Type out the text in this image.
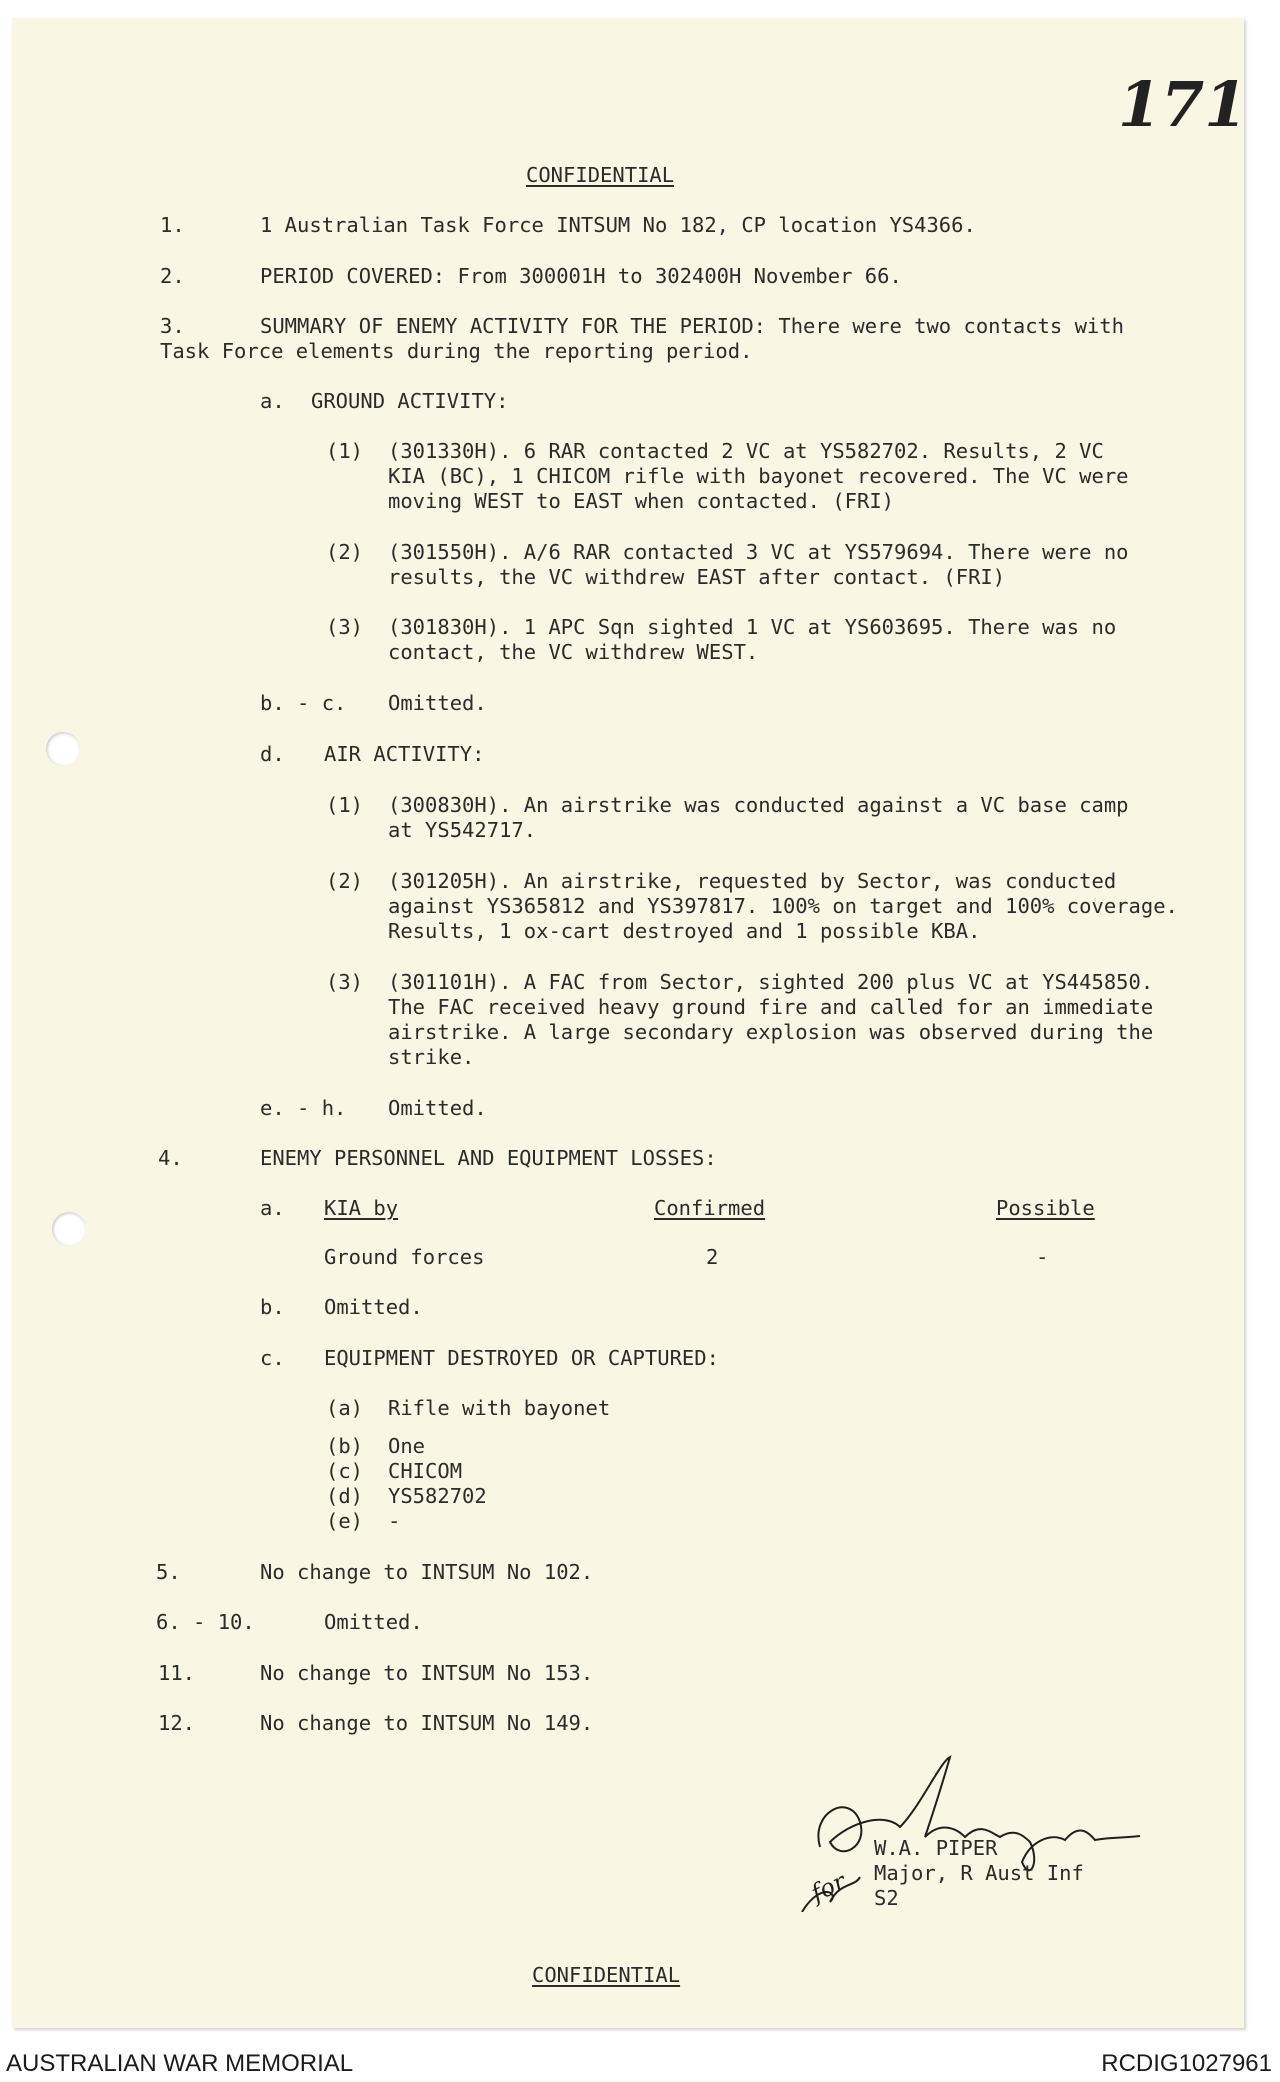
171
CONFIDENTIAL
1.	1 Australian Task Force INTSUM No 182, CP location YS4366.
2.	PERIOD COVERED: From 300001H to 302400H November 66.
3.	SUMMARY OF ENEMY ACTIVITY FOR THE PERIOD: There were two contacts with
Task Force elements during the reporting period.
a. GROUND ACTIVITY:
(1) (301330H). 6 RAR contacted 2 VC at YS582702. Results, 2 VC
KIA (BC), 1 CHICOM rifle with bayonet recovered. The VC were
moving WEST to EAST when contacted. (FRI)
(2) (301550H). A/6 RAR contacted 3 VC at YS579694. There were no
results, the VC withdrew EAST after contact. (FRI)
(3) (301830H). 1 APC Sqn sighted 1 VC at YS603695. There was no
contact, the VC withdrew WEST.
b. - c. Omitted.
d. AIR ACTIVITY:
(1) (300830H). An airstrike was conducted against a VC base camp
at YS542717.
(2) (301205H). An airstrike, requested by Sector, was conducted
against YS365812 and YS397817. 100% on target and 100% coverage.
Results, 1 ox-cart destroyed and 1 possible KBA.
(3) (301101H). A FAC from Sector, sighted 200 plus VC at YS445850.
The FAC received heavy ground fire and called for an immediate
airstrike. A large secondary explosion was observed during the
strike.
e. - h. Omitted.
4.	ENEMY PERSONNEL AND EQUIPMENT LOSSES:
a. KIA by	Confirmed	Possible
Ground forces	2	-
b. Omitted.
c. EQUIPMENT DESTROYED OR CAPTURED:
(a) Rifle with bayonet
(b) One
(c) CHICOM
(d) YS582702
(e) -
5.	No change to INTSUM No 102.
6. - 10.	Omitted.
11.	No change to INTSUM No 153.
12.	No change to INTSUM No 149.
for
W.A. PIPER
Major, R Aust Inf
S2
CONFIDENTIAL
AUSTRALIAN WAR MEMORIAL	RCDIG1027961
